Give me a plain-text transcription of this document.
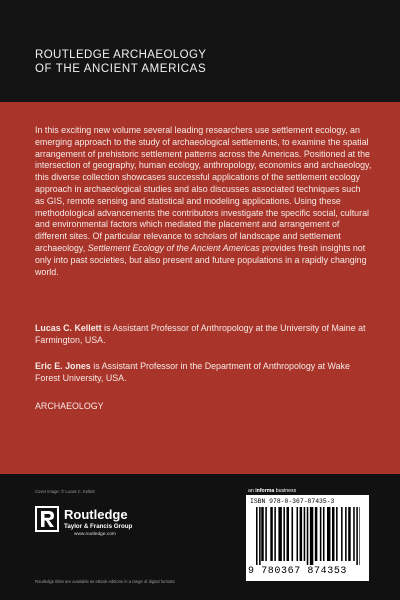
ROUTLEDGE ARCHAEOLOGY
OF THE ANCIENT AMERICAS

In this exciting new volume several leading researchers use settlement ecology, an emerging approach to the study of archaeological settlements, to examine the spatial arrangement of prehistoric settlement patterns across the Americas. Positioned at the intersection of geography, human ecology, anthropology, economics and archaeology, this diverse collection showcases successful applications of the settlement ecology approach in archaeological studies and also discusses associated techniques such as GIS, remote sensing and statistical and modeling applications. Using these methodological advancements the contributors investigate the specific social, cultural and environmental factors which mediated the placement and arrangement of different sites. Of particular relevance to scholars of landscape and settlement archaeology, Settlement Ecology of the Ancient Americas provides fresh insights not only into past societies, but also present and future populations in a rapidly changing world.

Lucas C. Kellett is Assistant Professor of Anthropology at the University of Maine at Farmington, USA.

Eric E. Jones is Assistant Professor in the Department of Anthropology at Wake Forest University, USA.

ARCHAEOLOGY

Cover image: © Lucas C. Kellett
Routledge
Taylor & Francis Group
www.routledge.com
Routledge titles are available as eBook editions in a range of digital formats
an informa business
ISBN 978-0-367-87435-3
9 780367 874353
